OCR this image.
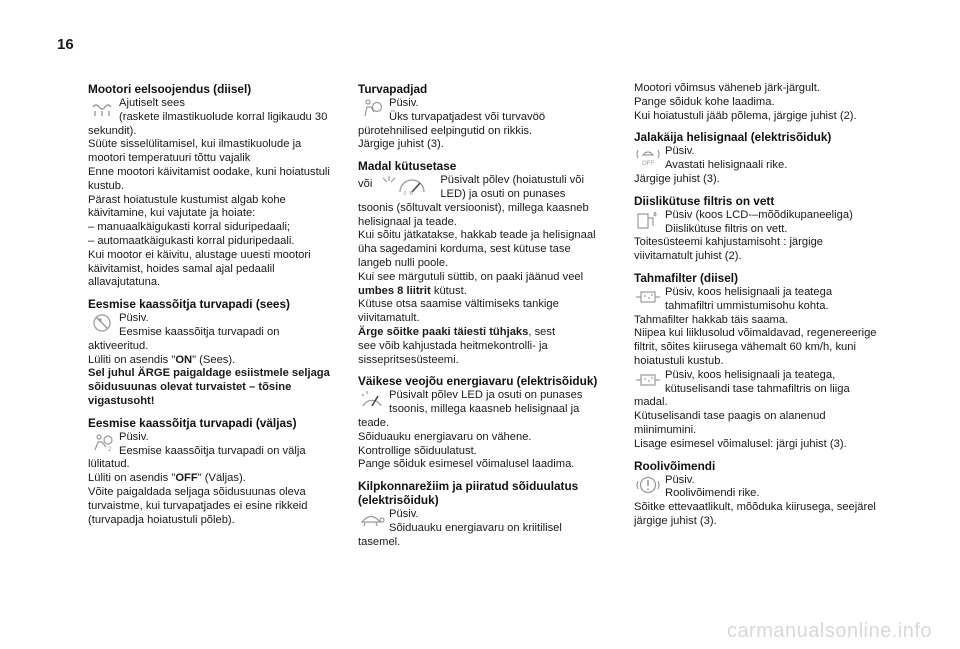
16
Mootori eelsoojendus (diisel)
Ajutiselt sees
(raskete ilmastikuolude korral ligikaudu 30
sekundit).
Süüte sisselülitamisel, kui ilmastikuolude ja
mootori temperatuuri tõttu vajalik
Enne mootori käivitamist oodake, kuni hoiatustuli
kustub.
Pärast hoiatustule kustumist algab kohe
käivitamine, kui vajutate ja hoiate:
– manuaalkäigukasti korral siduripedaali;
– automaatkäigukasti korral piduripedaali.
Kui mootor ei käivitu, alustage uuesti mootori
käivitamist, hoides samal ajal pedaalil
allavajutatuna.
Eesmise kaassõitja turvapadi (sees)
Püsiv.
Eesmise kaassõitja turvapadi on
aktiveeritud.
Lüliti on asendis "ON" (Sees).
Sel juhul ÄRGE paigaldage esiistmele seljaga
sõidusuunas olevat turvaistet – tõsine
vigastusoht!
Eesmise kaassõitja turvapadi (väljas)
2
Püsiv.
Eesmise kaassõitja turvapadi on välja
lülitatud.
Lüliti on asendis "OFF" (Väljas).
Võite paigaldada seljaga sõidusuunas oleva
turvaistme, kui turvapatjades ei esine rikkeid
(turvapadja hoiatustuli põleb).
Turvapadjad
Püsiv.
Üks turvapatjadest või turvavöö
pürotehnilised eelpingutid on rikkis.
Järgige juhist (3).
Madal kütusetase
või
·0 ·B ·
Püsivalt põlev (hoiatustuli või
LED) ja osuti on punases
tsoonis (sõltuvalt versioonist), millega kaasneb
helisignaal ja teade.
Kui sõitu jätkatakse, hakkab teade ja helisignaal
üha sagedamini korduma, sest kütuse tase
langeb nulli poole.
Kui see märgutuli süttib, on paaki jäänud veel
umbes 8 liitrit kütust.
Kütuse otsa saamise vältimiseks tankige
viivitamatult.
Ärge sõitke paaki täiesti tühjaks, sest
see võib kahjustada heitmekontrolli- ja
sissepritsesüsteemi.
Väikese veojõu energiavaru (elektrisõiduk)
Püsivalt põlev LED ja osuti on punases
tsoonis, millega kaasneb helisignaal ja
teade.
Sõiduauku energiavaru on vähene.
Kontrollige sõiduulatust.
Pange sõiduk esimesel võimalusel laadima.
Kilpkonnarežiim ja piiratud sõiduulatus
(elektrisõiduk)
Püsiv.
Sõiduauku energiavaru on kriitilisel
tasemel.
Mootori võimsus väheneb järk-järgult.
Pange sõiduk kohe laadima.
Kui hoiatustuli jääb põlema, järgige juhist (2).
Jalakäija helisignaal (elektrisõiduk)
OFF
Püsiv.
Avastati helisignaali rike.
Järgige juhist (3).
Diislikütuse filtris on vett
Püsiv (koos LCD-–mõõdikupaneeliga)
Diislikütuse filtris on vett.
Toitesüsteemi kahjustamisoht : järgige
viivitamatult juhist (2).
Tahmafilter (diisel)
Püsiv, koos helisignaali ja teatega
tahmafiltri ummistumisohu kohta.
Tahmafilter hakkab täis saama.
Niipea kui liiklusolud võimaldavad, regenereerige
filtrit, sõites kiirusega vähemalt 60 km/h, kuni
hoiatustuli kustub.
Püsiv, koos helisignaali ja teatega,
kütuselisandi tase tahmafiltris on liiga
madal.
Kütuselisandi tase paagis on alanenud
miinimumini.
Lisage esimesel võimalusel: järgi juhist (3).
Roolivõimendi
Püsiv.
Roolivõimendi rike.
Sõitke ettevaatlikult, mõõduka kiirusega, seejärel
järgige juhist (3).
carmanualsonline.info
